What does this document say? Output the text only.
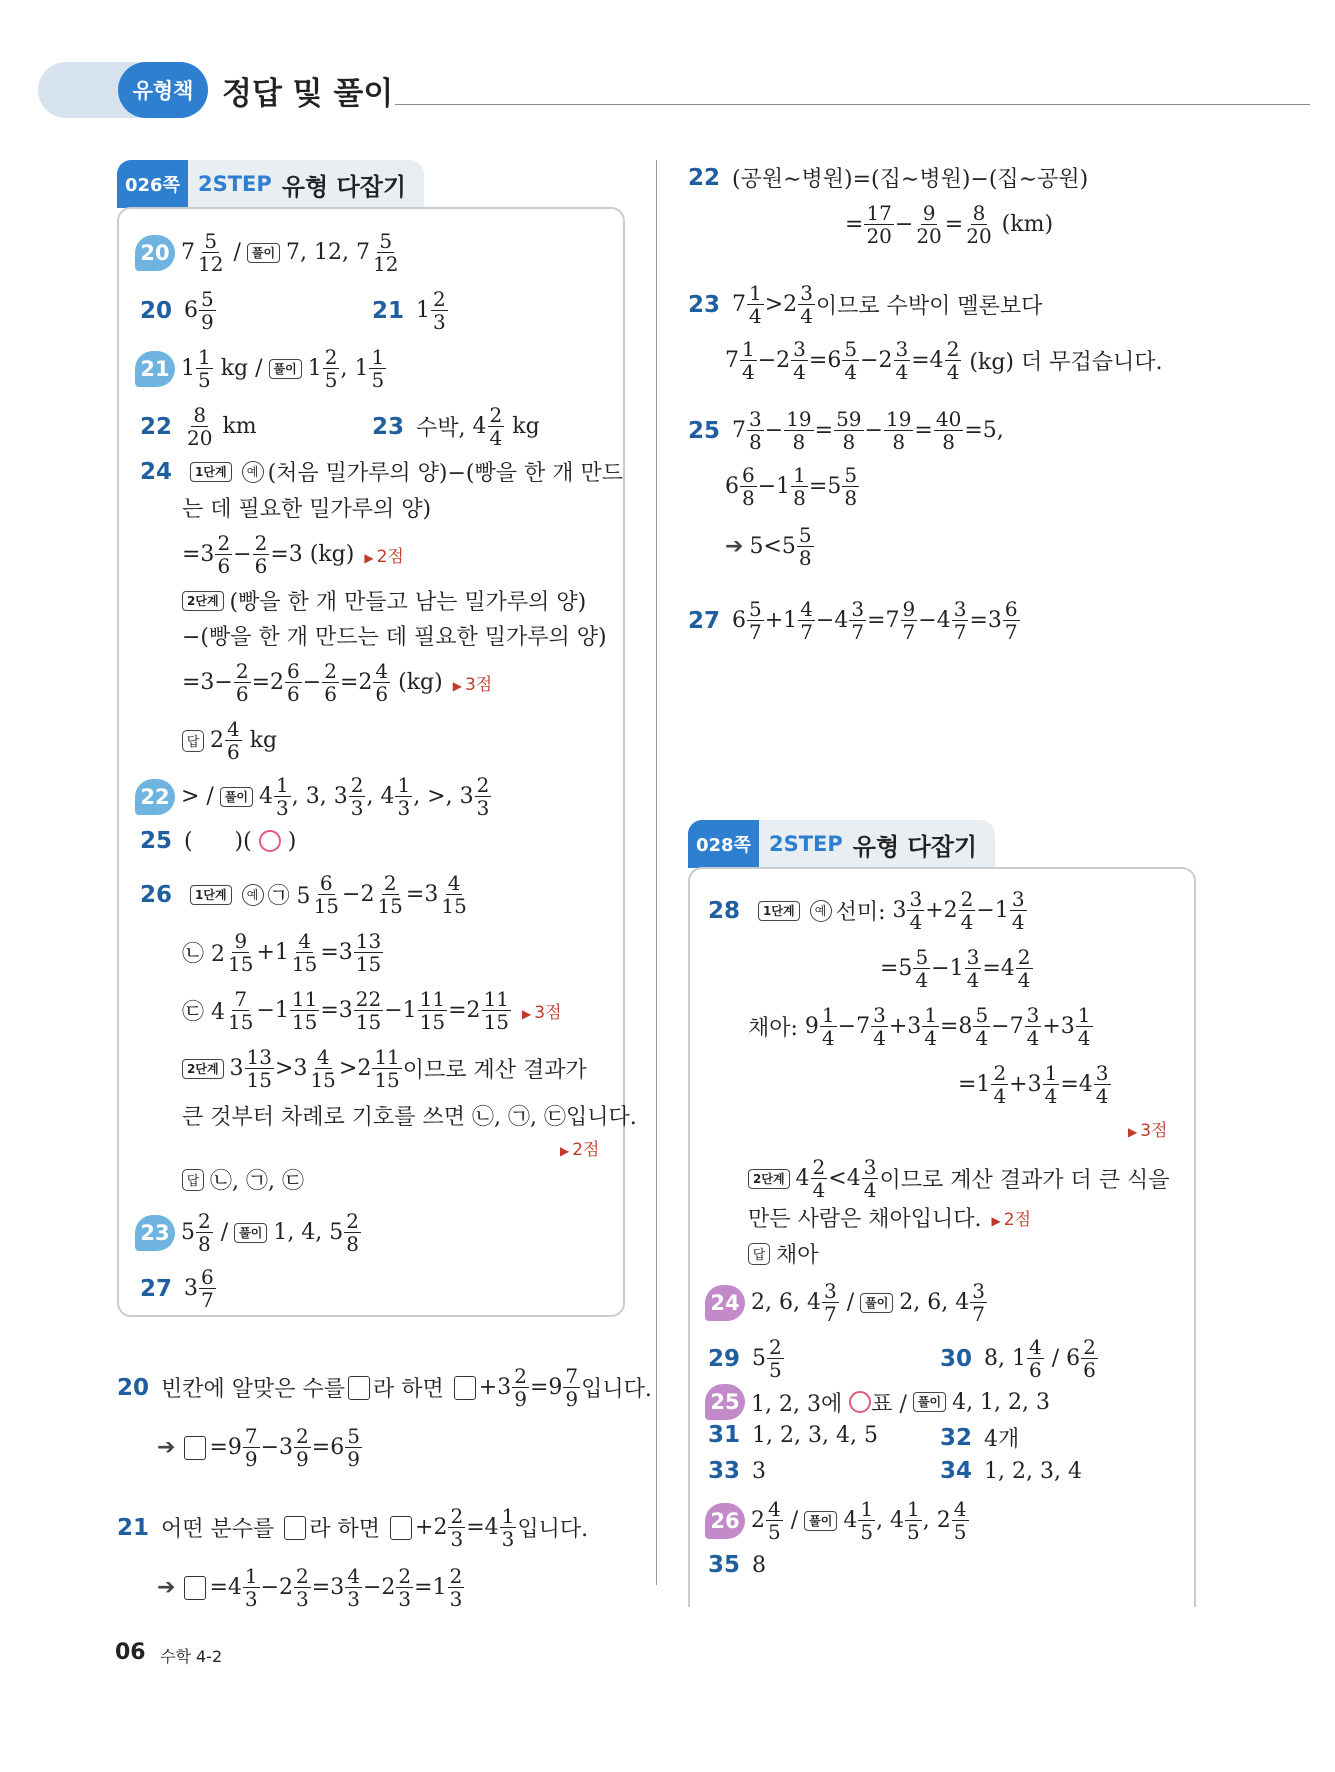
유형책 정답 및 풀이
026쪽 2STEP 유형 다잡기
20 7 5
12 / 풀이 7, 12, 7 5
12
20 6 5
9	21 1 2
3
21 1 1
5 kg / 풀이 1 2
5 , 1 1
5
22 8
20 km	23 수박, 4 2
4 kg
24	1단계	예 (처음 밀가루의 양)−(빵을 한 개 만드
는 데 필요한 밀가루의 양)
=3 2
6 − 2
6 =3 (kg)	▶ 2점
2단계 (빵을 한 개 만들고 남는 밀가루의 양)
−(빵을 한 개 만드는 데 필요한 밀가루의 양)
=3− 2
6 =2 6
6 − 2
6 =2 4
6 (kg)	▶ 3점
답 2 4
6 kg
22 > / 풀이 4 1
3 , 3, 3 2
3 , 4 1
3 , >, 3 2
3
25 (      )( ○ )
26	1단계	예 ㉠ 5
6
15 −2 2
15 =3 4
15
㉡ 2
9
15 +1 4
15 =3 13
15
㉢ 4
7
15 −1 11
15 =3 22
15 −1 11
15 =2 11
15	▶ 3점
2단계 3 13
15 >3 4
15 >2 11
15 이므로 계산 결과가
큰 것부터 차례로 기호를 쓰면 ㉡, ㉠, ㉢입니다.
▶ 2점
답 ㉡, ㉠, ㉢
23 5 2
8 / 풀이 1, 4, 5 2
8
27 3 6
7
20 빈칸에 알맞은 수를 라 하면
+3 2
9 =9 7
9 입니다.
➔ =9 7
9 −3 2
9 =6 5
9
21 어떤 분수를
라 하면
+2 2
3 =4 1
3 입니다.
➔ =4 1
3 −2 2
3 =3 4
3 −2 2
3 =1 2
3
22 (공원∼병원)=(집∼병원)−(집∼공원)
= 17
20 − 9
20 = 8
20 (km)
23 7 1
4 >2 3
4 이므로 수박이 멜론보다
7 1
4 −2 3
4 =6 5
4 −2 3
4 =4 2
4
(kg) 더 무겁습니다.
25 7 3
8 − 19
8 = 59
8 − 19
8 = 40
8 =5,
6 6
8 −1 1
8 =5 5
8
➔ 5<5 5
8
27 6 5
7 +1 4
7 −4 3
7 =7 9
7 −4 3
7 =3 6
7
028쪽 2STEP 유형 다잡기
28	1단계	예 선미: 3 3
4 +2 2
4 −1 3
4
=5 5
4 −1 3
4 =4 2
4
채아: 9 1
4 −7 3
4 +3 1
4 =8 5
4 −7 3
4 +3 1
4
=1 2
4 +3 1
4 =4 3
4
▶ 3점
2단계 4 2
4 <4 3
4 이므로 계산 결과가 더 큰 식을
만든 사람은 채아입니다.	▶ 2점
답 채아
24 2, 6, 4 3
7 / 풀이 2, 6, 4 3
7
29 5 2
5	30 8, 1 4
6 / 6 2
6
25 1, 2, 3에
○ 표 / 풀이 4, 1, 2, 3
31 1, 2, 3, 4, 5	32 4개
33 3	34 1, 2, 3, 4
26 2 4
5 / 풀이 4 1
5 , 4 1
5 , 2 4
5
35 8
06 수학 4-2
